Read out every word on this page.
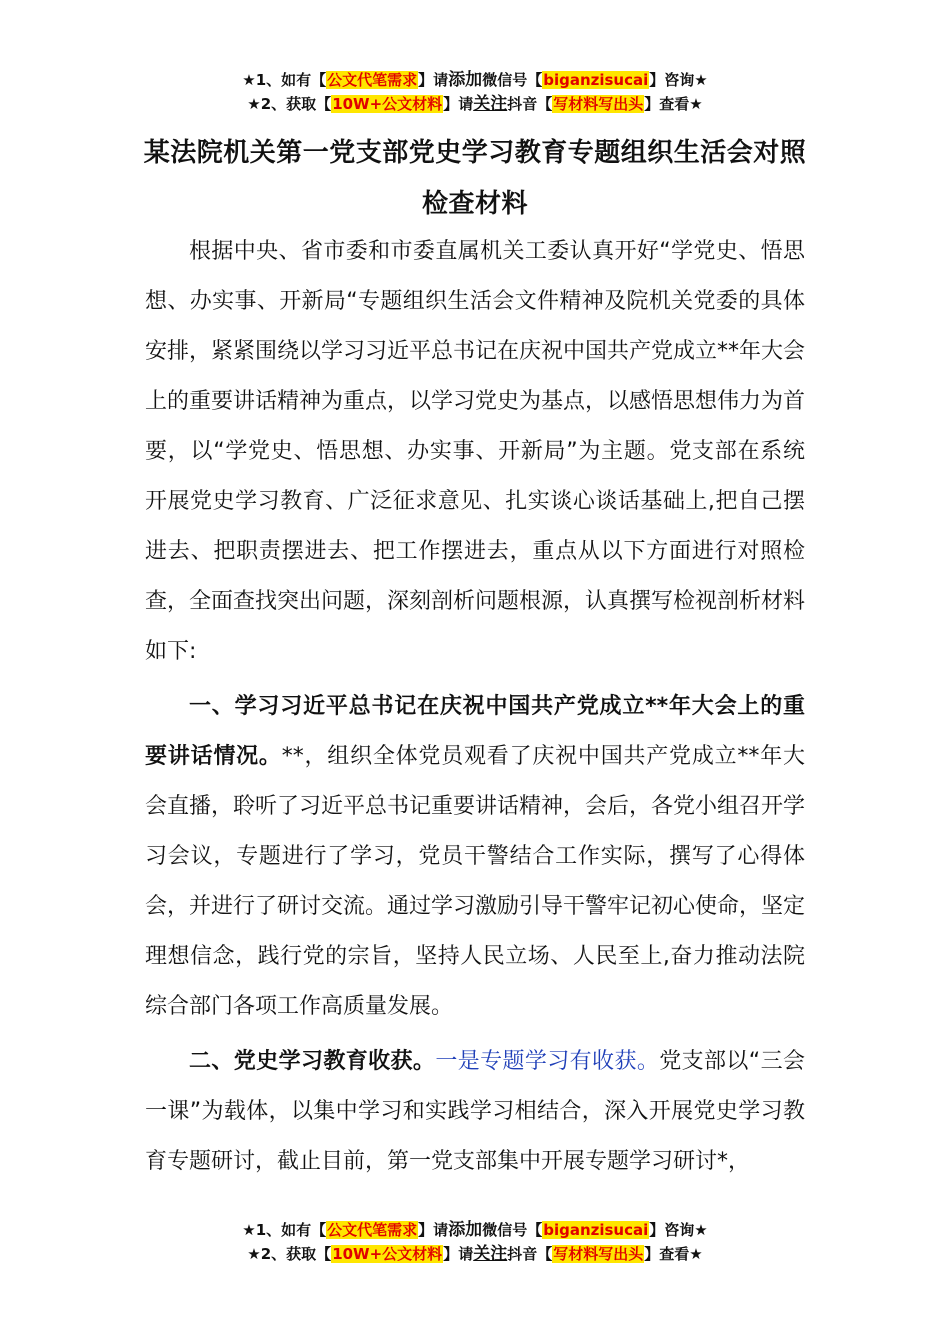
★1、如有【公文代笔需求】请添加微信号【biganzisucai】咨询★
★2、获取【10W+公文材料】请关注抖音【写材料写出头】查看★
某法院机关第一党支部党史学习教育专题组织生活会对照检查材料

根据中央、省市委和市委直属机关工委认真开好“学党史、悟思想、办实事、开新局“专题组织生活会文件精神及院机关党委的具体安排，紧紧围绕以学习习近平总书记在庆祝中国共产党成立**年大会上的重要讲话精神为重点，以学习党史为基点，以感悟思想伟力为首要，以“学党史、悟思想、办实事、开新局”为主题。党支部在系统开展党史学习教育、广泛征求意见、扎实谈心谈话基础上,把自己摆进去、把职责摆进去、把工作摆进去，重点从以下方面进行对照检查，全面查找突出问题，深刻剖析问题根源，认真撰写检视剖析材料如下:

一、学习习近平总书记在庆祝中国共产党成立**年大会上的重要讲话情况。**，组织全体党员观看了庆祝中国共产党成立**年大会直播，聆听了习近平总书记重要讲话精神，会后，各党小组召开学习会议，专题进行了学习，党员干警结合工作实际，撰写了心得体会，并进行了研讨交流。通过学习激励引导干警牢记初心使命，坚定理想信念，践行党的宗旨，坚持人民立场、人民至上,奋力推动法院综合部门各项工作高质量发展。

二、党史学习教育收获。一是专题学习有收获。党支部以“三会一课”为载体，以集中学习和实践学习相结合，深入开展党史学习教育专题研讨，截止目前，第一党支部集中开展专题学习研讨*，

★1、如有【公文代笔需求】请添加微信号【biganzisucai】咨询★
★2、获取【10W+公文材料】请关注抖音【写材料写出头】查看★
